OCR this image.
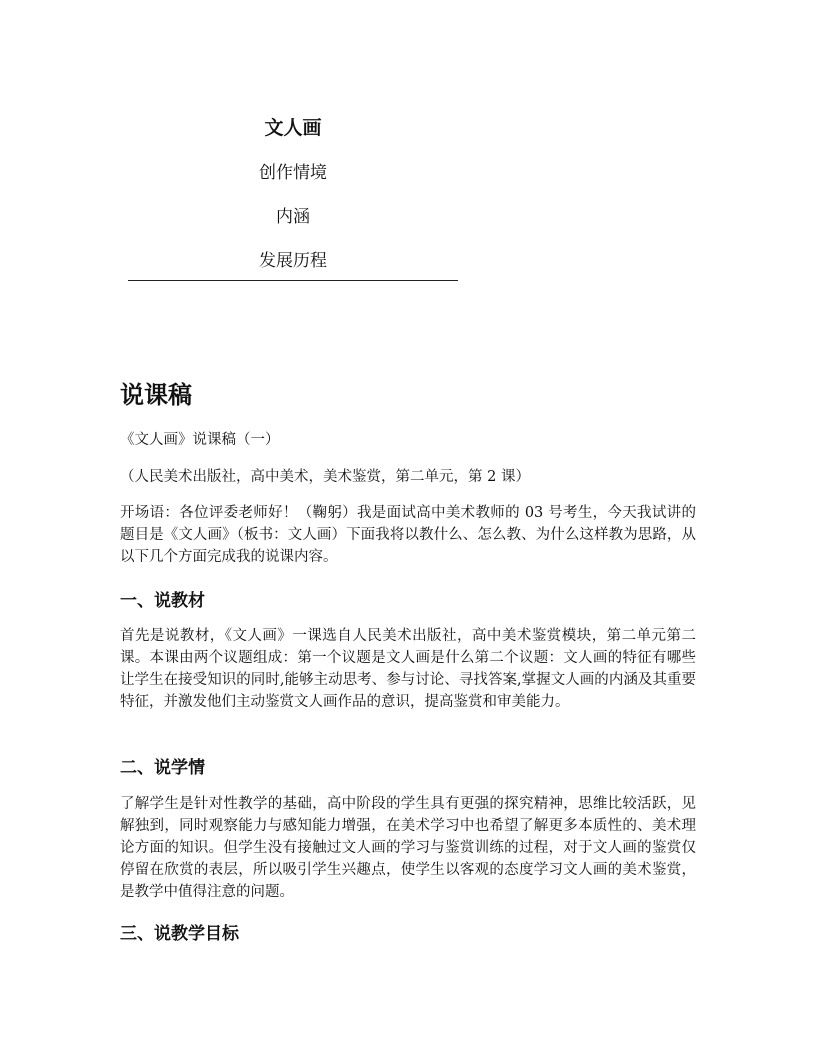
文人画
创作情境
内涵
发展历程
说课稿
《文人画》说课稿（一）
（人民美术出版社，高中美术，美术鉴赏，第二单元，第 2 课）
开场语：各位评委老师好！（鞠躬）我是面试高中美术教师的 03 号考生，今天我试讲的题目是《文人画》（板书：文人画）下面我将以教什么、怎么教、为什么这样教为思路，从以下几个方面完成我的说课内容。
一、说教材
首先是说教材，《文人画》一课选自人民美术出版社，高中美术鉴赏模块，第二单元第二课。本课由两个议题组成：第一个议题是文人画是什么第二个议题：文人画的特征有哪些让学生在接受知识的同时,能够主动思考、参与讨论、寻找答案,掌握文人画的内涵及其重要特征，并激发他们主动鉴赏文人画作品的意识，提高鉴赏和审美能力。
二、说学情
了解学生是针对性教学的基础，高中阶段的学生具有更强的探究精神，思维比较活跃，见解独到，同时观察能力与感知能力增强，在美术学习中也希望了解更多本质性的、美术理论方面的知识。但学生没有接触过文人画的学习与鉴赏训练的过程，对于文人画的鉴赏仅停留在欣赏的表层，所以吸引学生兴趣点，使学生以客观的态度学习文人画的美术鉴赏，是教学中值得注意的问题。
三、说教学目标
